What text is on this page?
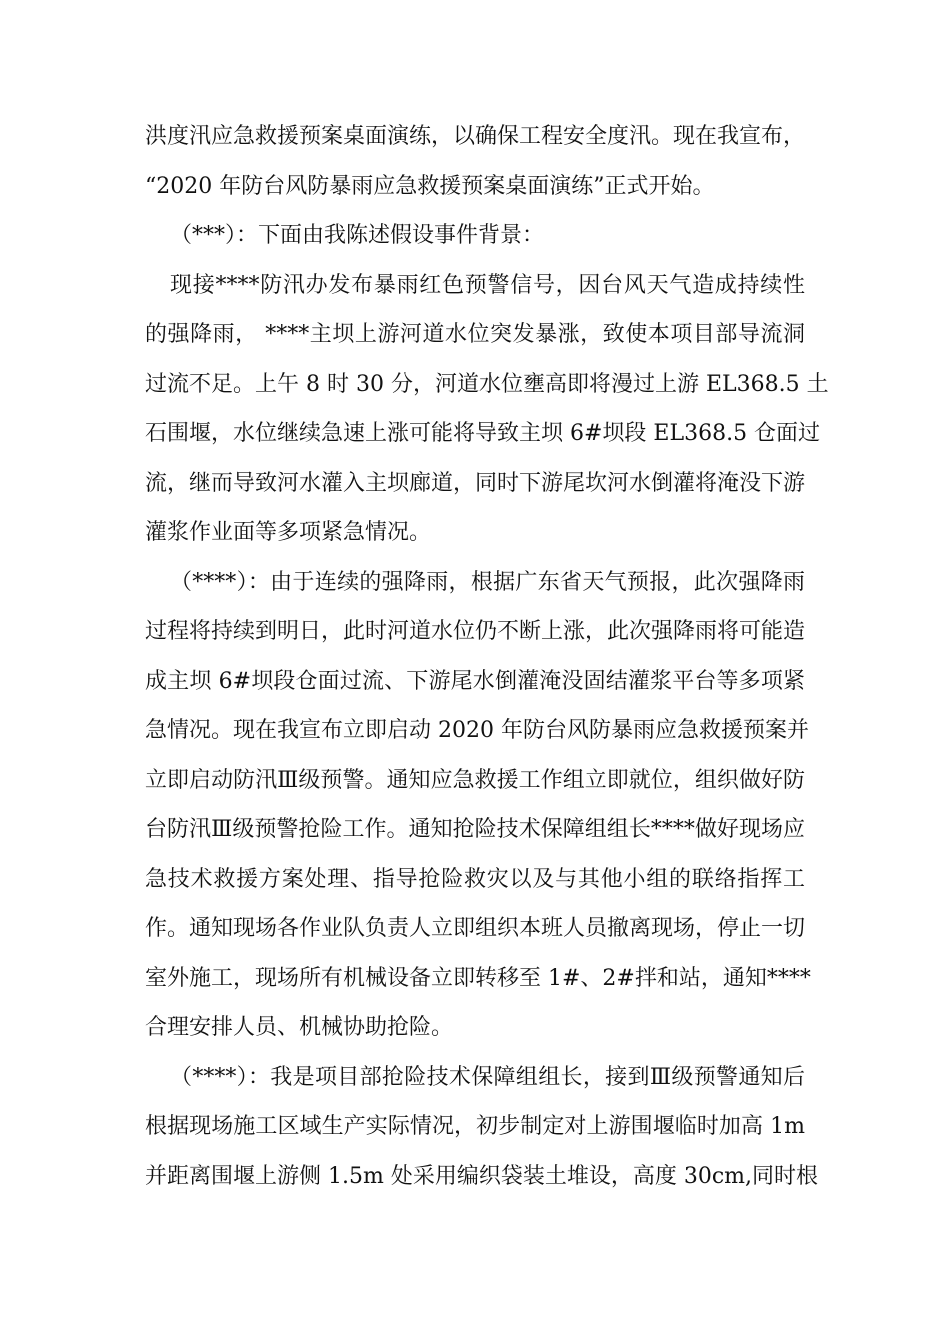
洪度汛应急救援预案桌面演练，以确保工程安全度汛。现在我宣布，
“2020 年防台风防暴雨应急救援预案桌面演练”正式开始。
（***）：下面由我陈述假设事件背景：
现接****防汛办发布暴雨红色预警信号，因台风天气造成持续性
的强降雨， ****主坝上游河道水位突发暴涨，致使本项目部导流洞
过流不足。上午 8 时 30 分，河道水位壅高即将漫过上游 EL368.5 土
石围堰，水位继续急速上涨可能将导致主坝 6#坝段 EL368.5 仓面过
流，继而导致河水灌入主坝廊道，同时下游尾坎河水倒灌将淹没下游
灌浆作业面等多项紧急情况。
（****）：由于连续的强降雨，根据广东省天气预报，此次强降雨
过程将持续到明日，此时河道水位仍不断上涨，此次强降雨将可能造
成主坝 6#坝段仓面过流、下游尾水倒灌淹没固结灌浆平台等多项紧
急情况。现在我宣布立即启动 2020 年防台风防暴雨应急救援预案并
立即启动防汛Ⅲ级预警。通知应急救援工作组立即就位，组织做好防
台防汛Ⅲ级预警抢险工作。通知抢险技术保障组组长****做好现场应
急技术救援方案处理、指导抢险救灾以及与其他小组的联络指挥工
作。通知现场各作业队负责人立即组织本班人员撤离现场，停止一切
室外施工，现场所有机械设备立即转移至 1#、2#拌和站，通知****
合理安排人员、机械协助抢险。
（****）：我是项目部抢险技术保障组组长，接到Ⅲ级预警通知后
根据现场施工区域生产实际情况，初步制定对上游围堰临时加高 1m
并距离围堰上游侧 1.5m 处采用编织袋装土堆设，高度 30cm,同时根
